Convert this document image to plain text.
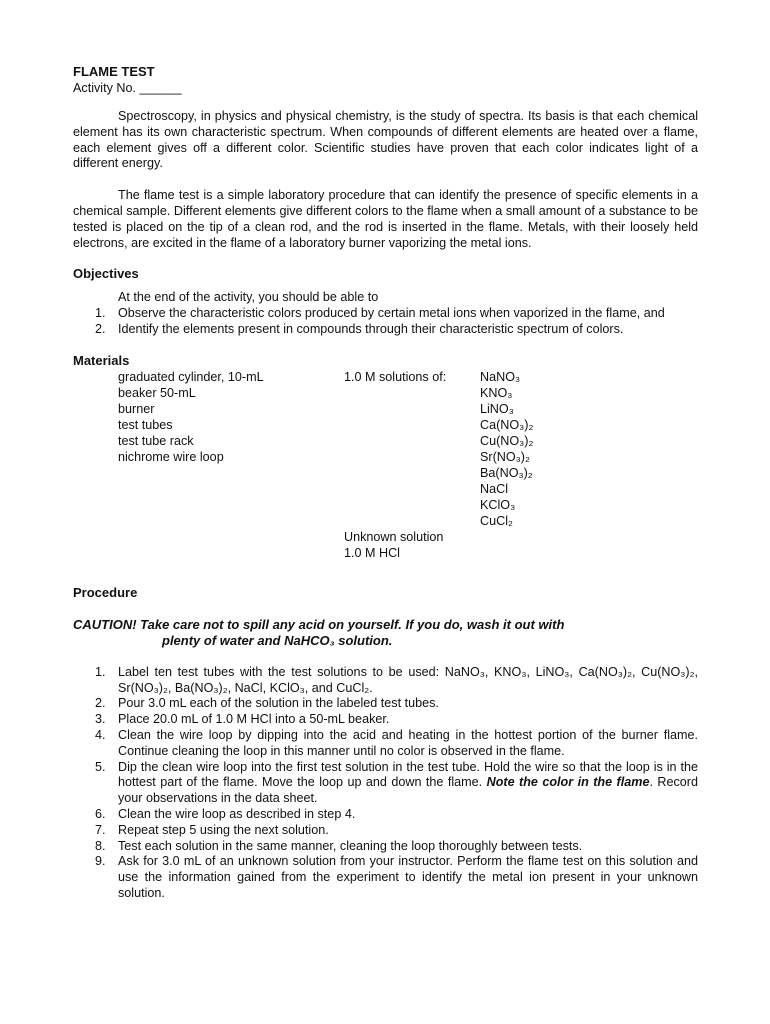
FLAME TEST
Activity No. ______

Spectroscopy, in physics and physical chemistry, is the study of spectra. Its basis is that each chemical element has its own characteristic spectrum. When compounds of different elements are heated over a flame, each element gives off a different color. Scientific studies have proven that each color indicates light of a different energy.

The flame test is a simple laboratory procedure that can identify the presence of specific elements in a chemical sample. Different elements give different colors to the flame when a small amount of a substance to be tested is placed on the tip of a clean rod, and the rod is inserted in the flame. Metals, with their loosely held electrons, are excited in the flame of a laboratory burner vaporizing the metal ions.

Objectives
At the end of the activity, you should be able to
1. Observe the characteristic colors produced by certain metal ions when vaporized in the flame, and
2. Identify the elements present in compounds through their characteristic spectrum of colors.
Materials
graduated cylinder, 10-mL
beaker 50-mL
burner
test tubes
test tube rack
nichrome wire loop
1.0 M solutions of:
Unknown solution
1.0 M HCl
NaNO₃
KNO₃
LiNO₃
Ca(NO₃)₂
Cu(NO₃)₂
Sr(NO₃)₂
Ba(NO₃)₂
NaCl
KClO₃
CuCl₂
Procedure
CAUTION! Take care not to spill any acid on yourself. If you do, wash it out with
plenty of water and NaHCO₃ solution.
1. Label ten test tubes with the test solutions to be used: NaNO₃, KNO₃, LiNO₃, Ca(NO₃)₂, Cu(NO₃)₂, Sr(NO₃)₂, Ba(NO₃)₂, NaCl, KClO₃, and CuCl₂.
2. Pour 3.0 mL each of the solution in the labeled test tubes.
3. Place 20.0 mL of 1.0 M HCl into a 50-mL beaker.
4. Clean the wire loop by dipping into the acid and heating in the hottest portion of the burner flame. Continue cleaning the loop in this manner until no color is observed in the flame.
5. Dip the clean wire loop into the first test solution in the test tube. Hold the wire so that the loop is in the hottest part of the flame. Move the loop up and down the flame. Note the color in the flame. Record your observations in the data sheet.
6. Clean the wire loop as described in step 4.
7. Repeat step 5 using the next solution.
8. Test each solution in the same manner, cleaning the loop thoroughly between tests.
9. Ask for 3.0 mL of an unknown solution from your instructor. Perform the flame test on this solution and use the information gained from the experiment to identify the metal ion present in your unknown solution.
